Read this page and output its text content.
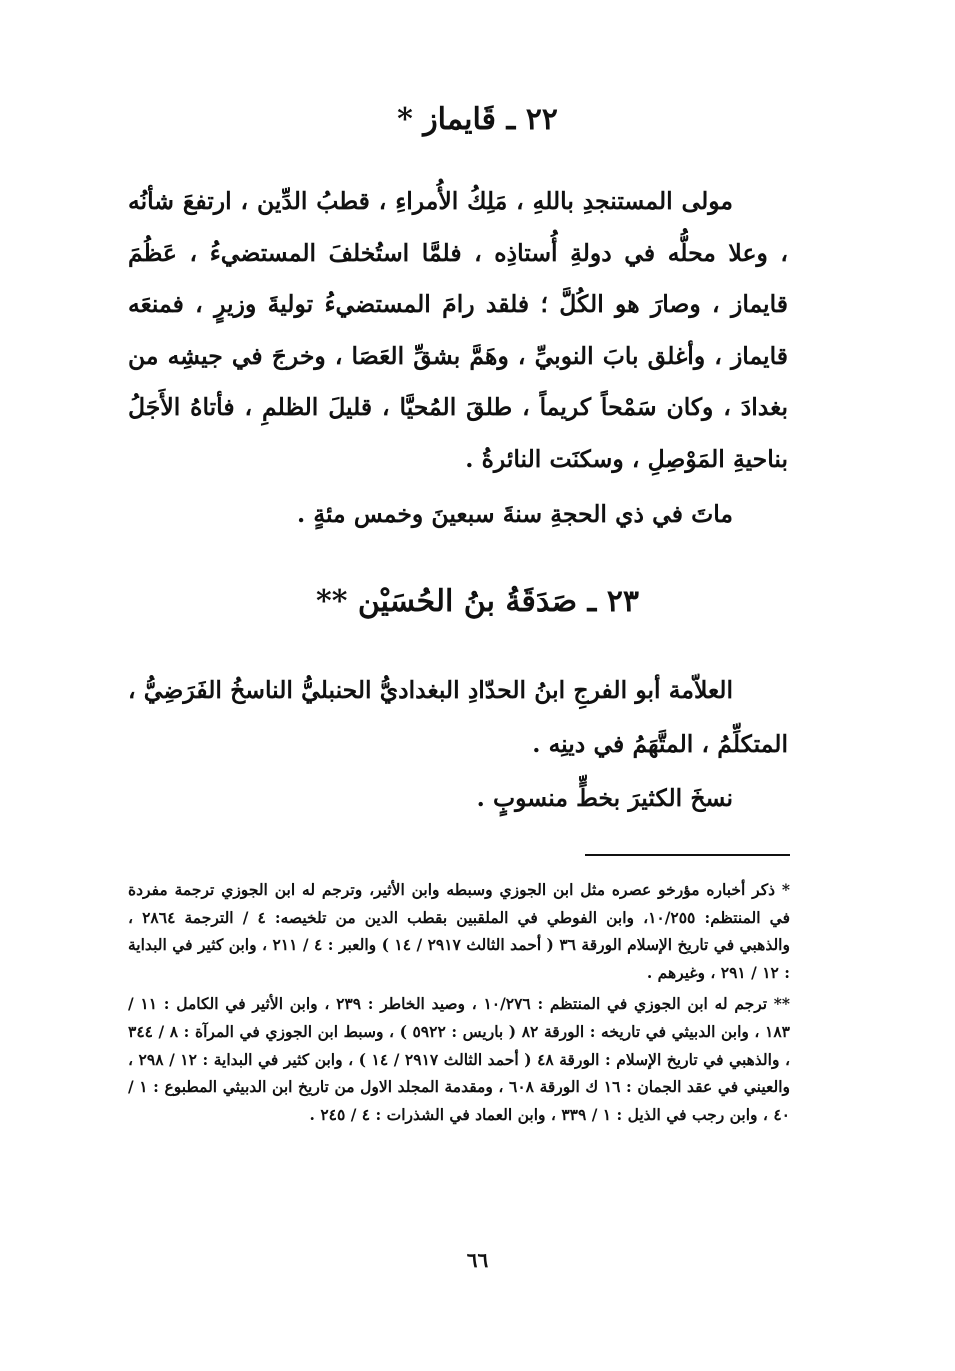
٢٢ ـ قَايماز *

مولى المستنجدِ باللهِ ، مَلِكُ الأُمراءِ ، قطبُ الدِّين ، ارتفعَ شأنُه ، وعلا محلُّه في دولةِ أُستاذِه ، فلمَّا استُخلفَ المستضيءُ ، عَظُمَ قايماز ، وصارَ هو الكُلَّ ؛ فلقد رامَ المستضيءُ توليةَ وزيرٍ ، فمنعَه قايماز ، وأغلق بابَ النوبيِّ ، وهَمَّ بشقِّ العَصَا ، وخرجَ في جيشِه من بغدادَ ، وكان سَمْحاً كريماً ، طلقَ المُحيَّا ، قليلَ الظلمِ ، فأتاهُ الأَجَلُ بناحيةِ المَوْصِلِ ، وسكنَت النائرةُ .

ماتَ في ذي الحجةِ سنةَ سبعينَ وخمس مئةٍ .

٢٣ ـ صَدَقَةُ بنُ الحُسَيْن **

العلاّمة أبو الفرجِ ابنُ الحدّادِ البغداديُّ الحنبليُّ الناسخُ الفَرَضِيُّ ، المتكلِّمُ ، المتَّهَمُ في دينِه .

نسخَ الكثيرَ بخطٍّ منسوبٍ .

* ذكر أخباره مؤرخو عصره مثل ابن الجوزي وسبطه وابن الأثير، وترجم له ابن الجوزي ترجمة مفردة في المنتظم: ١٠/٢٥٥، وابن الفوطي في الملقبين بقطب الدين من تلخيصه: ٤ / الترجمة ٢٨٦٤ ، والذهبي في تاريخ الإسلام الورقة ٣٦ ( أحمد الثالث ٢٩١٧ / ١٤ ) والعبر : ٤ / ٢١١ ، وابن كثير في البداية : ١٢ / ٢٩١ ، وغيرهم .

** ترجم له ابن الجوزي في المنتظم : ١٠/٢٧٦ ، وصيد الخاطر : ٢٣٩ ، وابن الأثير في الكامل : ١١ / ١٨٣ ، وابن الدبيثي في تاريخه : الورقة ٨٢ ( باريس : ٥٩٢٢ ) ، وسبط ابن الجوزي في المرآة : ٨ / ٣٤٤ ، والذهبي في تاريخ الإسلام : الورقة ٤٨ ( أحمد الثالث ٢٩١٧ / ١٤ ) ، وابن كثير في البداية : ١٢ / ٢٩٨ ، والعيني في عقد الجمان : ١٦ ك الورقة ٦٠٨ ، ومقدمة المجلد الاول من تاريخ ابن الدبيثي المطبوع : ١ / ٤٠ ، وابن رجب في الذيل : ١ / ٣٣٩ ، وابن العماد في الشذرات : ٤ / ٢٤٥ .

٦٦
